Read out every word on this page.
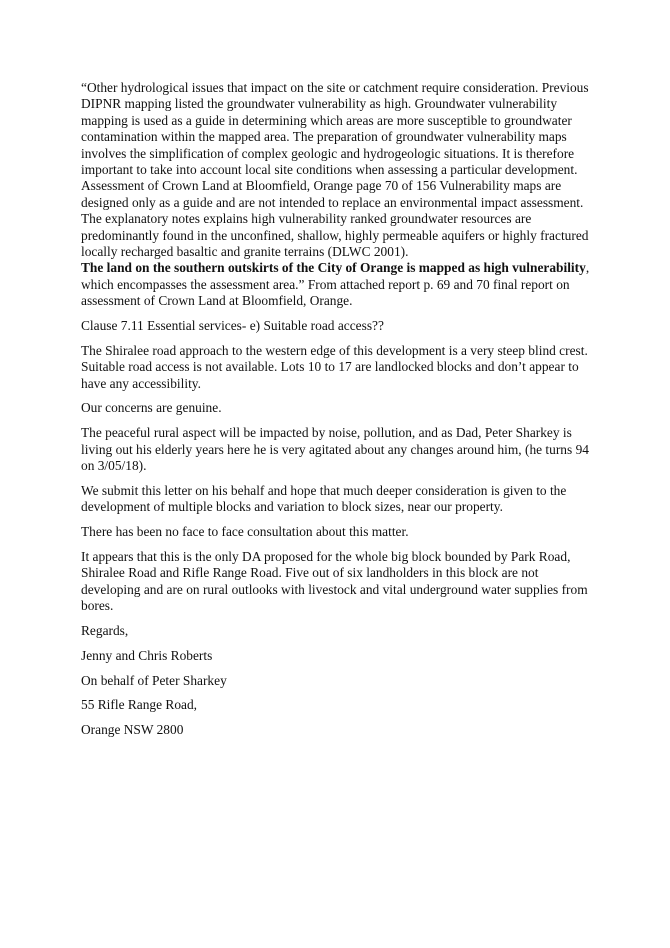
“Other hydrological issues that impact on the site or catchment require consideration. Previous DIPNR mapping listed the groundwater vulnerability as high. Groundwater vulnerability mapping is used as a guide in determining which areas are more susceptible to groundwater contamination within the mapped area. The preparation of groundwater vulnerability maps involves the simplification of complex geologic and hydrogeologic situations. It is therefore important to take into account local site conditions when assessing a particular development. Assessment of Crown Land at Bloomfield, Orange page 70 of 156 Vulnerability maps are designed only as a guide and are not intended to replace an environmental impact assessment. The explanatory notes explains high vulnerability ranked groundwater resources are predominantly found in the unconfined, shallow, highly permeable aquifers or highly fractured locally recharged basaltic and granite terrains (DLWC 2001).
The land on the southern outskirts of the City of Orange is mapped as high vulnerability, which encompasses the assessment area.” From attached report p. 69 and 70 final report on assessment of Crown Land at Bloomfield, Orange.

Clause 7.11 Essential services- e) Suitable road access??

The Shiralee road approach to the western edge of this development is a very steep blind crest. Suitable road access is not available. Lots 10 to 17 are landlocked blocks and don’t appear to have any accessibility.

Our concerns are genuine.

The peaceful rural aspect will be impacted by noise, pollution, and as Dad, Peter Sharkey is living out his elderly years here he is very agitated about any changes around him, (he turns 94 on 3/05/18).

We submit this letter on his behalf and hope that much deeper consideration is given to the development of multiple blocks and variation to block sizes, near our property.

There has been no face to face consultation about this matter.

It appears that this is the only DA proposed for the whole big block bounded by Park Road, Shiralee Road and Rifle Range Road. Five out of six landholders in this block are not developing and are on rural outlooks with livestock and vital underground water supplies from bores.

Regards,

Jenny and Chris Roberts

On behalf of Peter Sharkey

55 Rifle Range Road,

Orange NSW 2800
